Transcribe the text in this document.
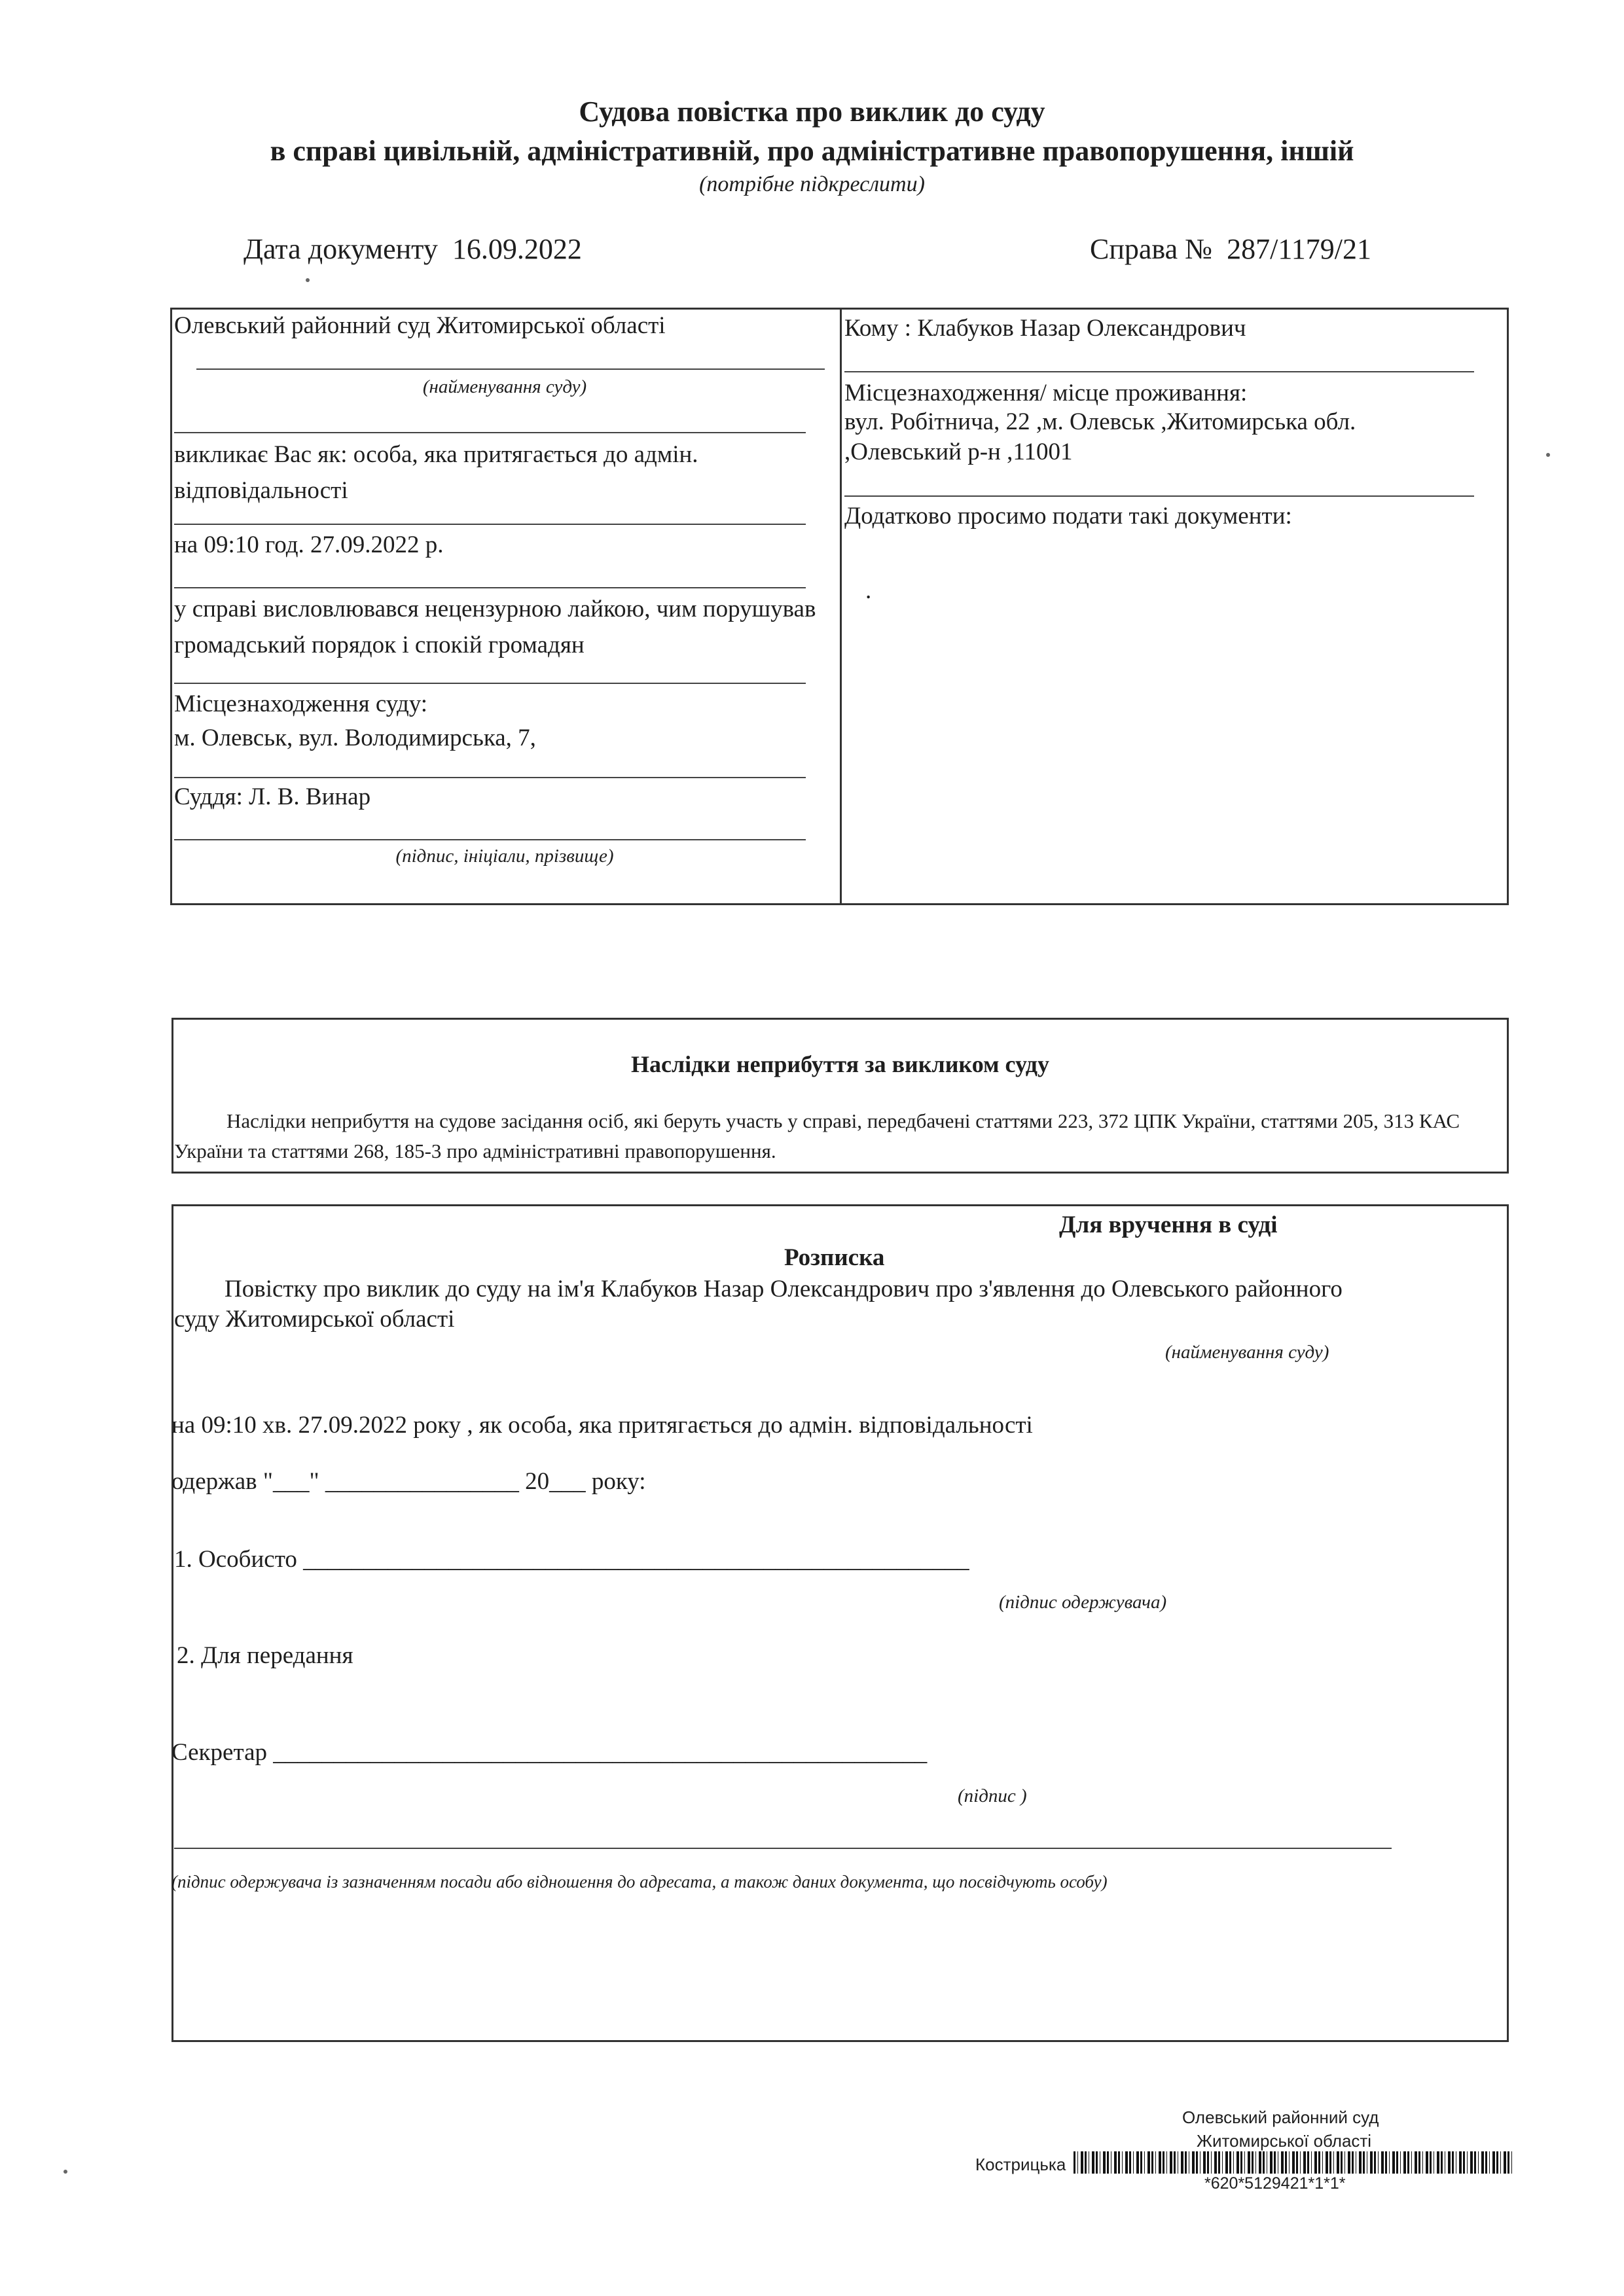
Судова повістка про виклик до суду
в справі цивільній, адміністративній, про адміністративне правопорушення, іншій
(потрібне підкреслити)
Дата документу 16.09.2022	Справа № 287/1179/21
Олевський районний суд Житомирської області
(найменування суду)
викликає Вас як: особа, яка притягається до адмін. відповідальності
на 09:10 год. 27.09.2022 р.
у справі висловлювався нецензурною лайкою, чим порушував громадський порядок і спокій громадян
Місцезнаходження суду:
м. Олевськ, вул. Володимирська, 7,
Суддя: Л. В. Винар
(підпис, ініціали, прізвище)
Кому : Клабуков Назар Олександрович
Місцезнаходження/ місце проживання:
вул. Робітнича, 22 ,м. Олевськ ,Житомирська обл.
,Олевський р-н ,11001
Додатково просимо подати такі документи:
.
Наслідки неприбуття за викликом суду
Наслідки неприбуття на судове засідання осіб, які беруть участь у справі, передбачені статтями 223, 372 ЦПК України, статтями 205, 313 КАС України та статтями 268, 185-3 про адміністративні правопорушення.
Для вручення в суді
Розписка
Повістку про виклик до суду на ім'я Клабуков Назар Олександрович про з'явлення до Олевського районного
суду Житомирської області
(найменування суду)
на 09:10 хв. 27.09.2022 року , як особа, яка притягається до адмін. відповідальності
одержав "___" ________________ 20___ року:
1. Особисто _______________________________________________________
(підпис одержувача)
2. Для передання
Секретар ______________________________________________________
(підпис )
(підпис одержувача із зазначенням посади або відношення до адресата, а також даних документа, що посвідчують особу)
Олевський районний суд
Житомирської області
Кострицька
*620*5129421*1*1*
